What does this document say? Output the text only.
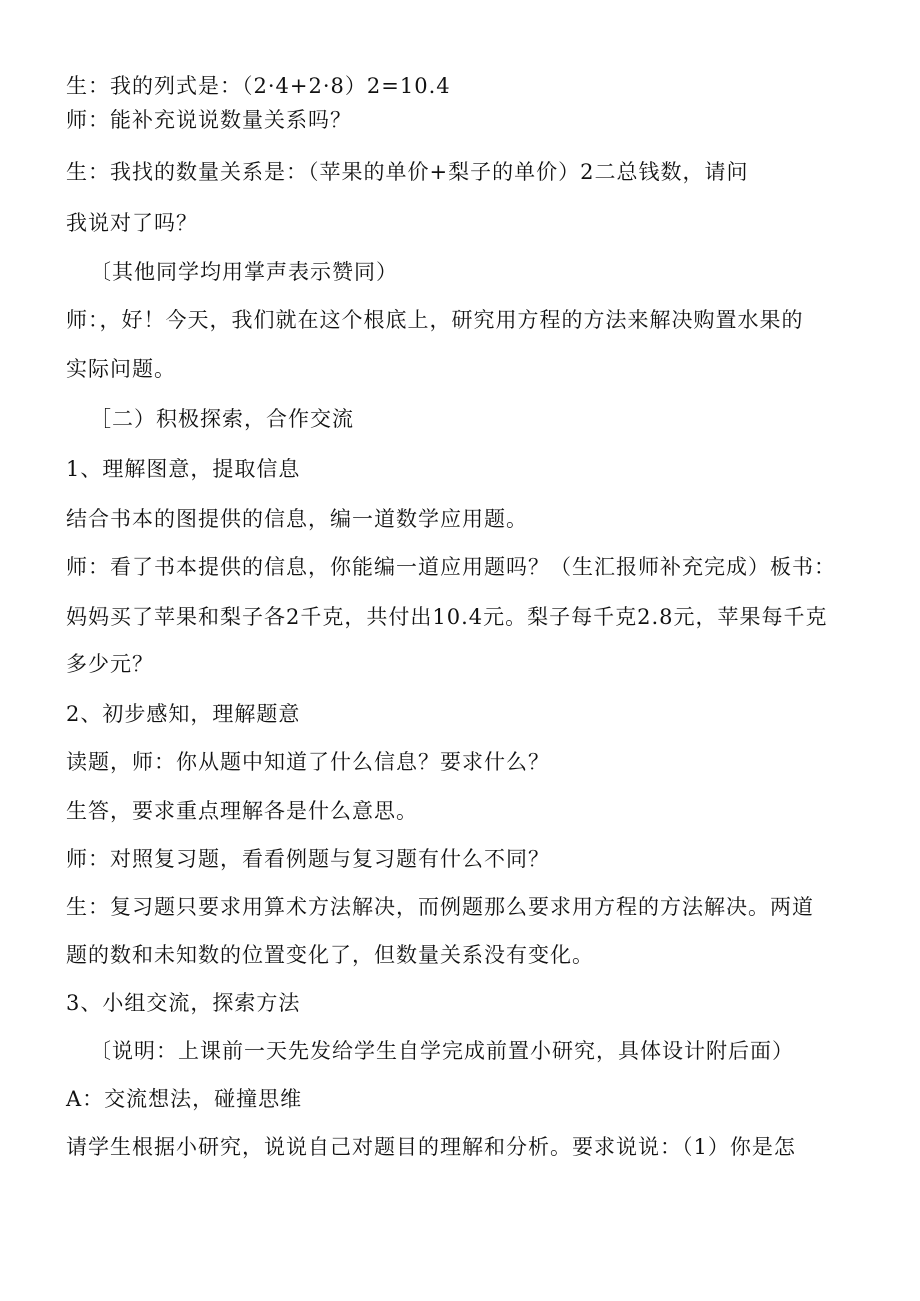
生：我的列式是：（2·4+2·8）2=10.4
师：能补充说说数量关系吗？
生：我找的数量关系是：（苹果的单价+梨子的单价）2二总钱数，请问
我说对了吗？
〔其他同学均用掌声表示赞同）
师：，好！今天，我们就在这个根底上，研究用方程的方法来解决购置水果的
实际问题。
［二）积极探索，合作交流
1、理解图意，提取信息
结合书本的图提供的信息，编一道数学应用题。
师：看了书本提供的信息，你能编一道应用题吗？（生汇报师补充完成）板书：
妈妈买了苹果和梨子各2千克，共付出10.4元。梨子每千克2.8元，苹果每千克
多少元？
2、初步感知，理解题意
读题，师：你从题中知道了什么信息？要求什么？
生答，要求重点理解各是什么意思。
师：对照复习题，看看例题与复习题有什么不同？
生：复习题只要求用算术方法解决，而例题那么要求用方程的方法解决。两道
题的数和未知数的位置变化了，但数量关系没有变化。
3、小组交流，探索方法
〔说明：上课前一天先发给学生自学完成前置小研究，具体设计附后面）
A：交流想法，碰撞思维
请学生根据小研究，说说自己对题目的理解和分析。要求说说：（1）你是怎
